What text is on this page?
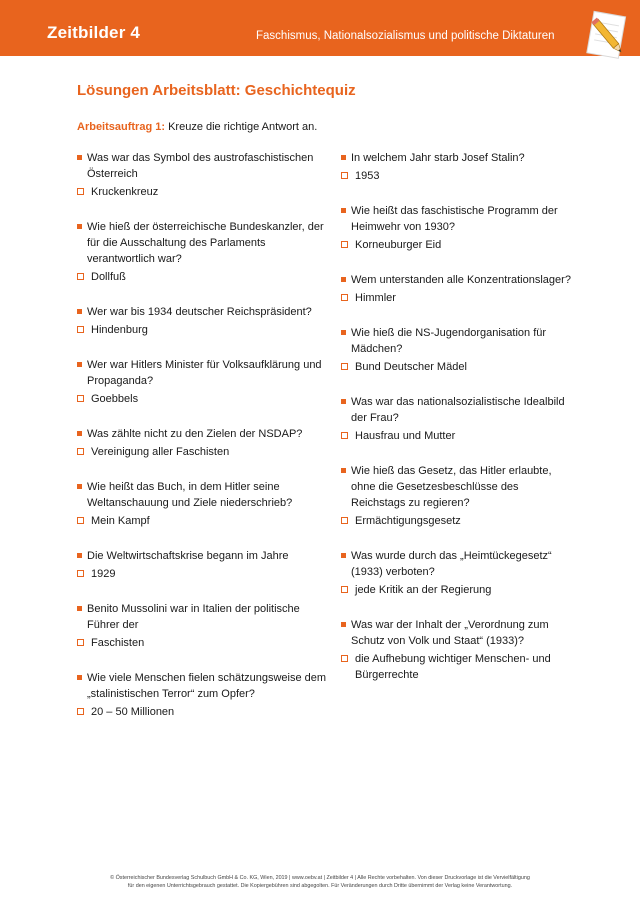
Zeitbilder 4	Faschismus, Nationalsozialismus und politische Diktaturen
Lösungen Arbeitsblatt: Geschichtequiz
Arbeitsauftrag 1: Kreuze die richtige Antwort an.
Was war das Symbol des austrofaschistischen Österreich
Kruckenkreuz
Wie hieß der österreichische Bundeskanzler, der für die Ausschaltung des Parlaments verantwortlich war?
Dollfuß
Wer war bis 1934 deutscher Reichspräsident?
Hindenburg
Wer war Hitlers Minister für Volksaufklärung und Propaganda?
Goebbels
Was zählte nicht zu den Zielen der NSDAP?
Vereinigung aller Faschisten
Wie heißt das Buch, in dem Hitler seine Weltanschauung und Ziele niederschrieb?
Mein Kampf
Die Weltwirtschaftskrise begann im Jahre
1929
Benito Mussolini war in Italien der politische Führer der
Faschisten
Wie viele Menschen fielen schätzungsweise dem „stalinistischen Terror“ zum Opfer?
20 – 50 Millionen
In welchem Jahr starb Josef Stalin?
1953
Wie heißt das faschistische Programm der Heimwehr von 1930?
Korneuburger Eid
Wem unterstanden alle Konzentrationslager?
Himmler
Wie hieß die NS-Jugendorganisation für Mädchen?
Bund Deutscher Mädel
Was war das nationalsozialistische Idealbild der Frau?
Hausfrau und Mutter
Wie hieß das Gesetz, das Hitler erlaubte, ohne die Gesetzesbeschlüsse des Reichstags zu regieren?
Ermächtigungsgesetz
Was wurde durch das „Heimtückegesetz“ (1933) verboten?
jede Kritik an der Regierung
Was war der Inhalt der „Verordnung zum Schutz von Volk und Staat“ (1933)?
die Aufhebung wichtiger Menschen- und Bürgerrechte
© Österreichischer Bundesverlag Schulbuch GmbH & Co. KG, Wien, 2019 | www.oebv.at | Zeitbilder 4 | Alle Rechte vorbehalten. Von dieser Druckvorlage ist die Vervielfältigung
für den eigenen Unterrichtsgebrauch gestattet. Die Kopiergebühren sind abgegolten. Für Veränderungen durch Dritte übernimmt der Verlag keine Verantwortung.
